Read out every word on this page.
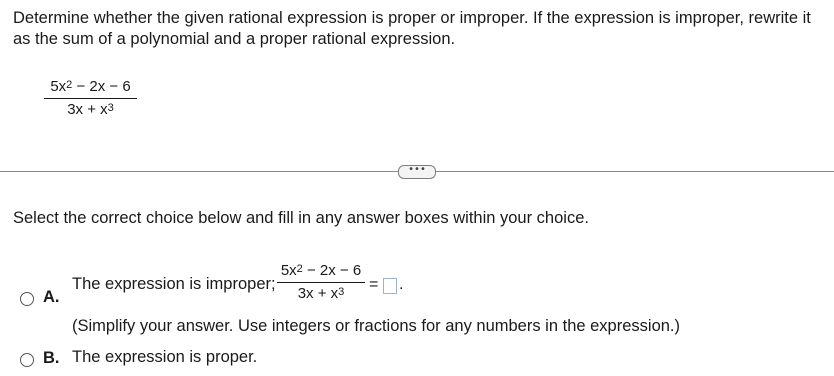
Determine whether the given rational expression is proper or improper. If the expression is improper, rewrite it as the sum of a polynomial and a proper rational expression.
$5x^2 - 2x - 6$
$3x + x^3$
•••
Select the correct choice below and fill in any answer boxes within your choice.
A.
The expression is improper;
$5x^2 - 2x - 6$
$3x + x^3$	= .
(Simplify your answer. Use integers or fractions for any numbers in the expression.)
B. The expression is proper.
